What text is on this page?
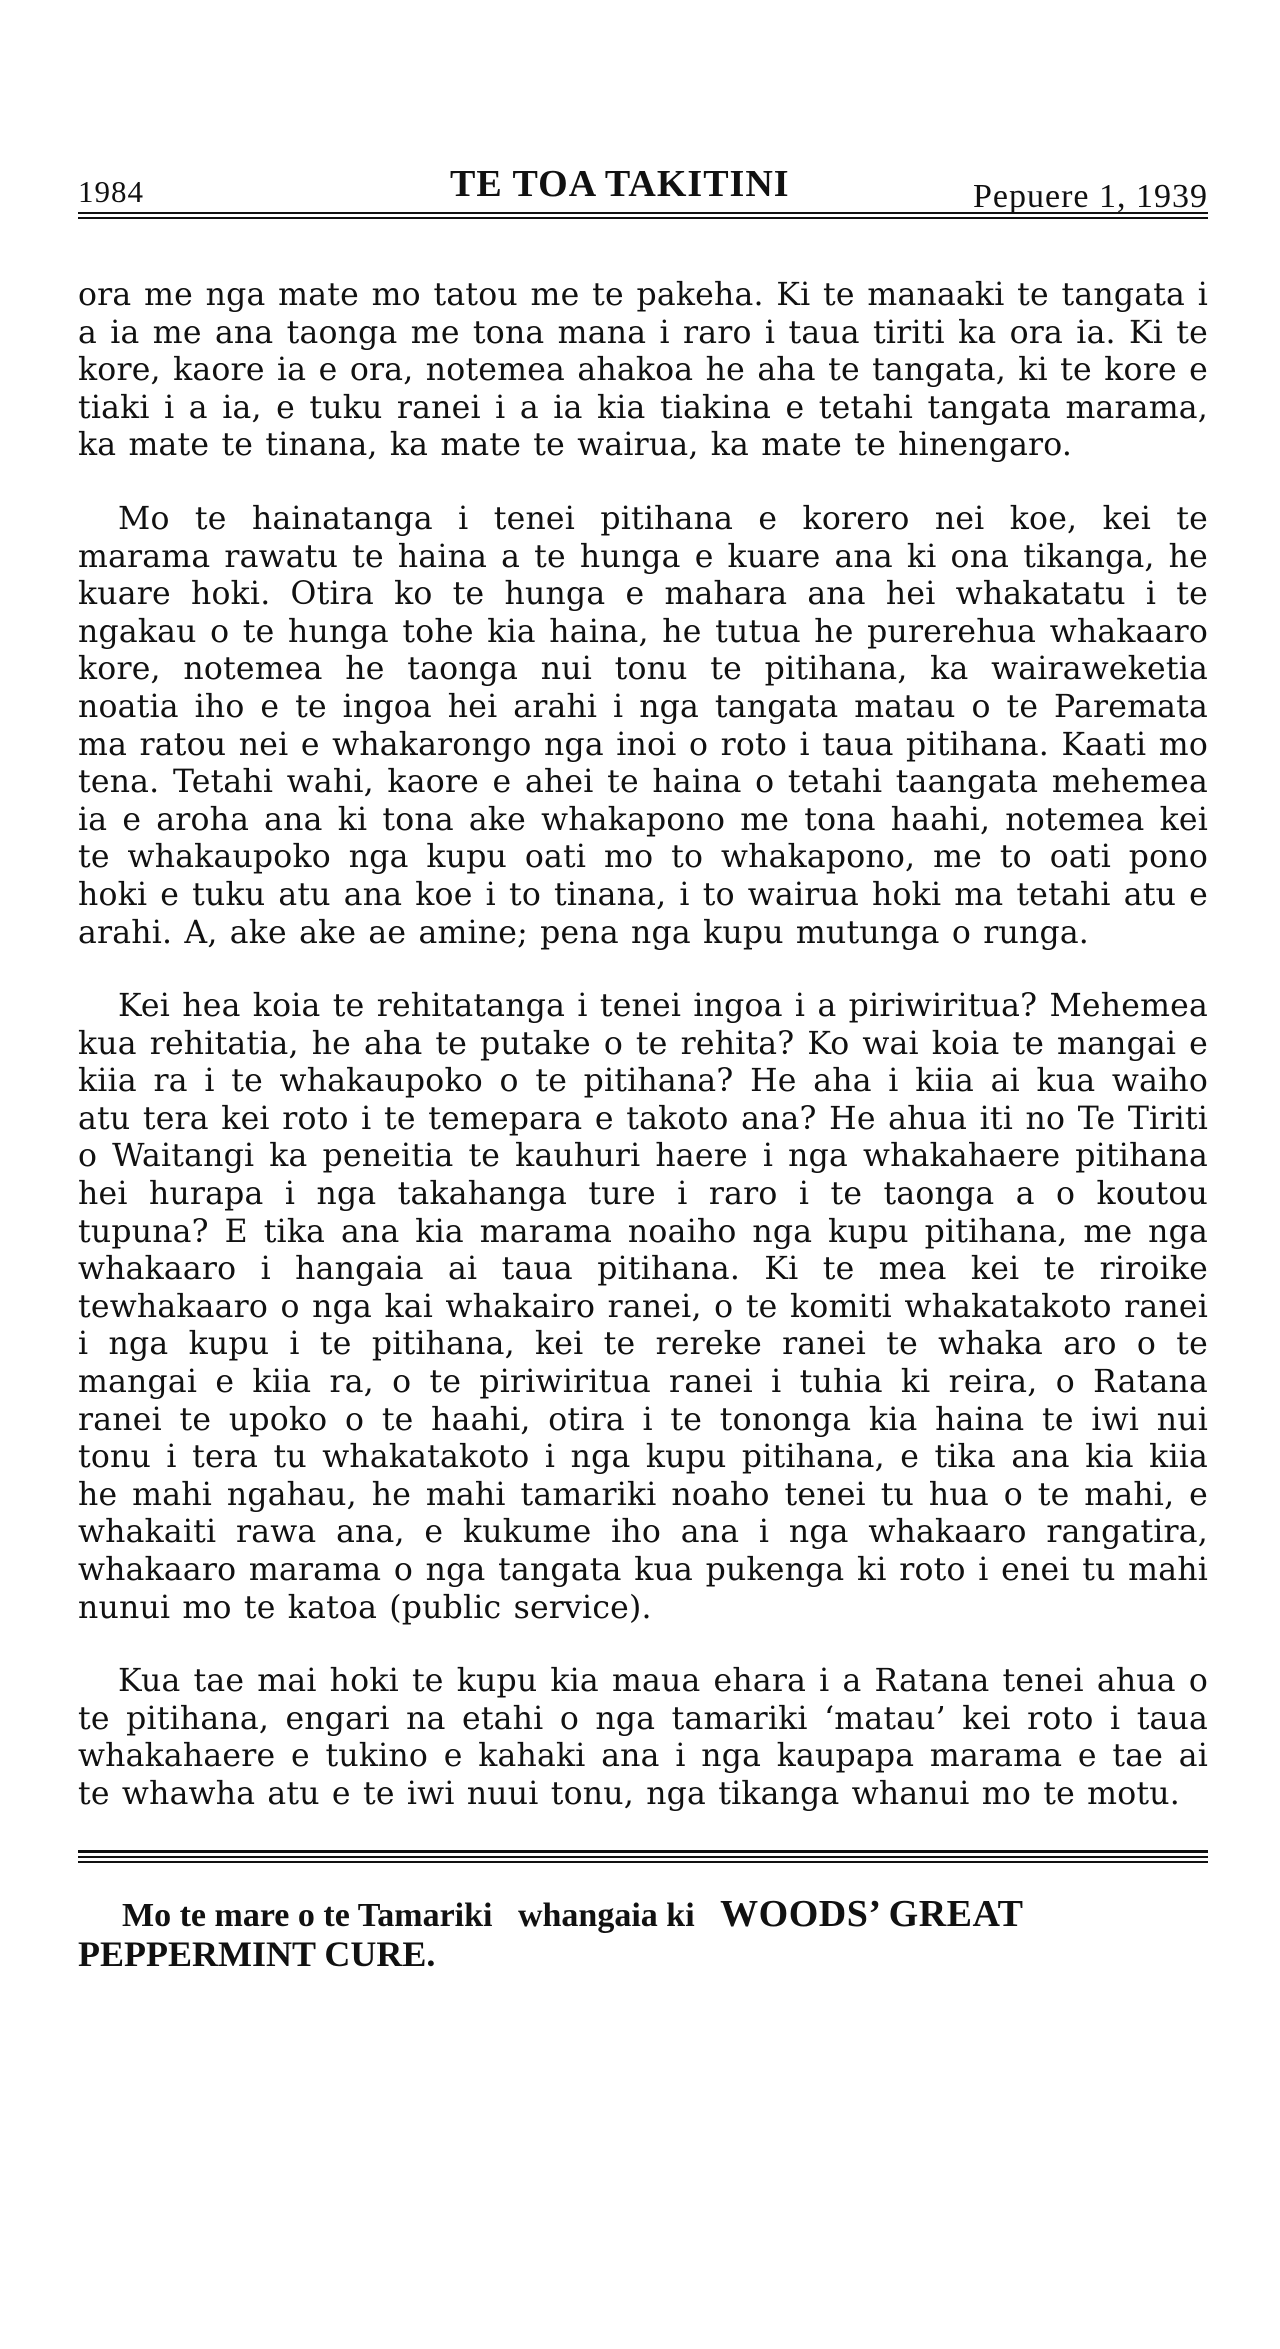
1984	TE TOA TAKITINI	Pepuere 1, 1939

ora me nga mate mo tatou me te pakeha. Ki te manaaki te tangata i a ia me ana taonga me tona mana i raro i taua tiriti ka ora ia. Ki te kore, kaore ia e ora, notemea ahakoa he aha te tangata, ki te kore e tiaki i a ia, e tuku ranei i a ia kia tiakina e tetahi tangata marama, ka mate te tinana, ka mate te wairua, ka mate te hinengaro.

Mo te hainatanga i tenei pitihana e korero nei koe, kei te marama rawatu te haina a te hunga e kuare ana ki ona tikanga, he kuare hoki. Otira ko te hunga e mahara ana hei whakatatu i te ngakau o te hunga tohe kia haina, he tutua he purerehua whakaaro kore, notemea he taonga nui tonu te pitihana, ka wairaweketia noatia iho e te ingoa hei arahi i nga tangata matau o te Paremata ma ratou nei e whakarongo nga inoi o roto i taua pitihana. Kaati mo tena. Tetahi wahi, kaore e ahei te haina o tetahi taangata mehemea ia e aroha ana ki tona ake whakapono me tona haahi, notemea kei te whakaupoko nga kupu oati mo to whakapono, me to oati pono hoki e tuku atu ana koe i to tinana, i to wairua hoki ma tetahi atu e arahi. A, ake ake ae amine; pena nga kupu mutunga o runga.

Kei hea koia te rehitatanga i tenei ingoa i a piriwiritua? Mehemea kua rehitatia, he aha te putake o te rehita? Ko wai koia te mangai e kiia ra i te whakaupoko o te pitihana? He aha i kiia ai kua waiho atu tera kei roto i te temepara e takoto ana? He ahua iti no Te Tiriti o Waitangi ka peneitia te kauhuri haere i nga whakahaere pitihana hei hurapa i nga takahanga ture i raro i te taonga a o koutou tupuna? E tika ana kia marama noaiho nga kupu pitihana, me nga whakaaro i hangaia ai taua pitihana. Ki te mea kei te riroike tewhakaaro o nga kai whakairo ranei, o te komiti whakatakoto ranei i nga kupu i te pitihana, kei te rereke ranei te whaka aro o te mangai e kiia ra, o te piriwiritua ranei i tuhia ki reira, o Ratana ranei te upoko o te haahi, otira i te tononga kia haina te iwi nui tonu i tera tu whakatakoto i nga kupu pitihana, e tika ana kia kiia he mahi ngahau, he mahi tamariki noaho tenei tu hua o te mahi, e whakaiti rawa ana, e kukume iho ana i nga whakaaro rangatira, whakaaro marama o nga tangata kua pukenga ki roto i enei tu mahi nunui mo te katoa (public service).

Kua tae mai hoki te kupu kia maua ehara i a Ratana tenei ahua o te pitihana, engari na etahi o nga tamariki ‘matau’ kei roto i taua whakahaere e tukino e kahaki ana i nga kaupapa marama e tae ai te whawha atu e te iwi nuui tonu, nga tikanga whanui mo te motu.

Mo te mare o te Tamariki whangaia ki WOODS’ GREAT
PEPPERMINT CURE.
